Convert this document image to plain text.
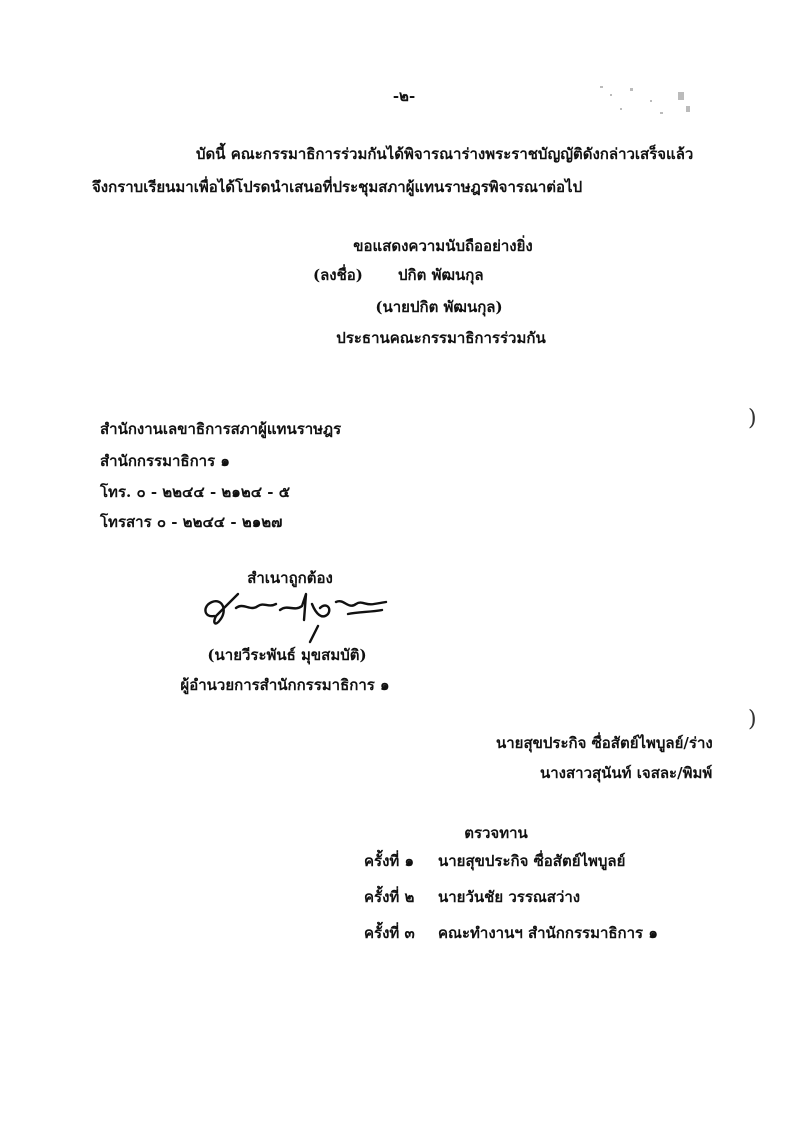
-๒-
บัดนี้ คณะกรรมาธิการร่วมกันได้พิจารณาร่างพระราชบัญญัติดังกล่าวเสร็จแล้ว
จึงกราบเรียนมาเพื่อได้โปรดนำเสนอที่ประชุมสภาผู้แทนราษฎรพิจารณาต่อไป
ขอแสดงความนับถืออย่างยิ่ง
(ลงชื่อ) ปกิต พัฒนกุล
(นายปกิต พัฒนกุล)
ประธานคณะกรรมาธิการร่วมกัน
สำนักงานเลขาธิการสภาผู้แทนราษฎร
สำนักกรรมาธิการ ๑
โทร. ๐ - ๒๒๔๔ - ๒๑๒๔ - ๕
โทรสาร ๐ - ๒๒๔๔ - ๒๑๒๗
)
)
สำเนาถูกต้อง
(นายวีระพันธ์ มุขสมบัติ)
ผู้อำนวยการสำนักกรรมาธิการ ๑
นายสุขประกิจ ซื่อสัตย์ไพบูลย์/ร่าง
นางสาวสุนันท์ เจสละ/พิมพ์
ตรวจทาน
ครั้งที่ ๑ นายสุขประกิจ ซื่อสัตย์ไพบูลย์
ครั้งที่ ๒ นายวันชัย วรรณสว่าง
ครั้งที่ ๓ คณะทำงานฯ สำนักกรรมาธิการ ๑
